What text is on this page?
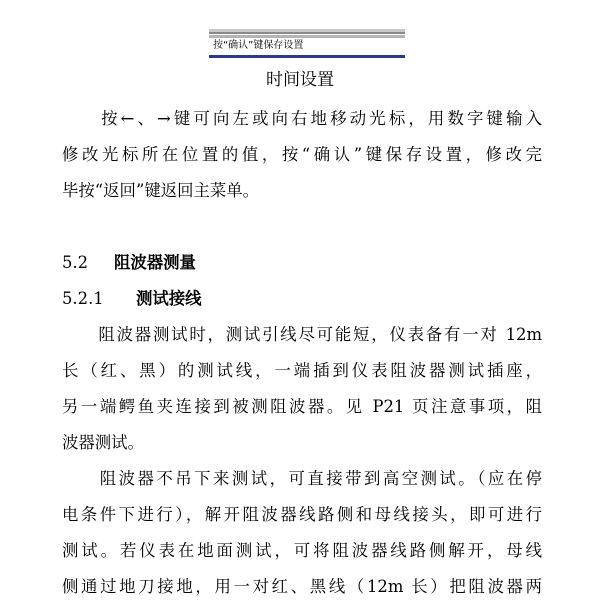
按“确认”键保存设置
时间设置
　　按←、→键可向左或向右地移动光标，用数字键输入
修改光标所在位置的值，按“确认”键保存设置，修改完
毕按“返回”键返回主菜单。
5.2 阻波器测量
5.2.1 测试接线
　　阻波器测试时，测试引线尽可能短，仪表备有一对 12m
长（红、黑）的测试线，一端插到仪表阻波器测试插座，
另一端鳄鱼夹连接到被测阻波器。见 P21 页注意事项，阻
波器测试。
　　阻波器不吊下来测试，可直接带到高空测试。（应在停
电条件下进行），解开阻波器线路侧和母线接头，即可进行
测试。若仪表在地面测试，可将阻波器线路侧解开，母线
侧通过地刀接地，用一对红、黑线（12m 长）把阻波器两
